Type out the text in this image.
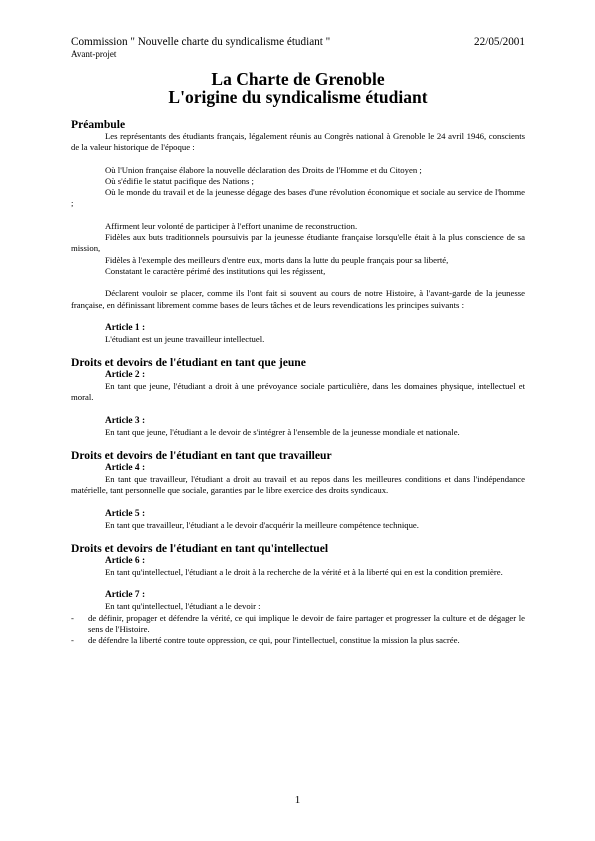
Commission " Nouvelle charte du syndicalisme étudiant "	22/05/2001
Avant-projet
La Charte de Grenoble
L'origine du syndicalisme étudiant
Préambule
Les représentants des étudiants français, légalement réunis au Congrès national à Grenoble le 24 avril 1946, conscients de la valeur historique de l'époque :
Où l'Union française élabore la nouvelle déclaration des Droits de l'Homme et du Citoyen ;
Où s'édifie le statut pacifique des Nations ;
Où le monde du travail et de la jeunesse dégage des bases d'une révolution économique et sociale au service de l'homme ;
Affirment leur volonté de participer à l'effort unanime de reconstruction.
Fidèles aux buts traditionnels poursuivis par la jeunesse étudiante française lorsqu'elle était à la plus conscience de sa mission,
Fidèles à l'exemple des meilleurs d'entre eux, morts dans la lutte du peuple français pour sa liberté,
Constatant le caractère périmé des institutions qui les régissent,
Déclarent vouloir se placer, comme ils l'ont fait si souvent au cours de notre Histoire, à l'avant-garde de la jeunesse française, en définissant librement comme bases de leurs tâches et de leurs revendications les principes suivants :
Article 1 :
L'étudiant est un jeune travailleur intellectuel.
Droits et devoirs de l'étudiant en tant que jeune
Article 2 :
En tant que jeune, l'étudiant a droit à une prévoyance sociale particulière, dans les domaines physique, intellectuel et moral.
Article 3 :
En tant que jeune, l'étudiant a le devoir de s'intégrer à l'ensemble de la jeunesse mondiale et nationale.
Droits et devoirs de l'étudiant en tant que travailleur
Article 4 :
En tant que travailleur, l'étudiant a droit au travail et au repos dans les meilleures conditions et dans l'indépendance matérielle, tant personnelle que sociale, garanties par le libre exercice des droits syndicaux.
Article 5 :
En tant que travailleur, l'étudiant a le devoir d'acquérir la meilleure compétence technique.
Droits et devoirs de l'étudiant en tant qu'intellectuel
Article 6 :
En tant qu'intellectuel, l'étudiant a le droit à la recherche de la vérité et à la liberté qui en est la condition première.
Article 7 :
En tant qu'intellectuel, l'étudiant a le devoir :
-	de définir, propager et défendre la vérité, ce qui implique le devoir de faire partager et progresser la culture et de dégager le sens de l'Histoire.
-	de défendre la liberté contre toute oppression, ce qui, pour l'intellectuel, constitue la mission la plus sacrée.
1
